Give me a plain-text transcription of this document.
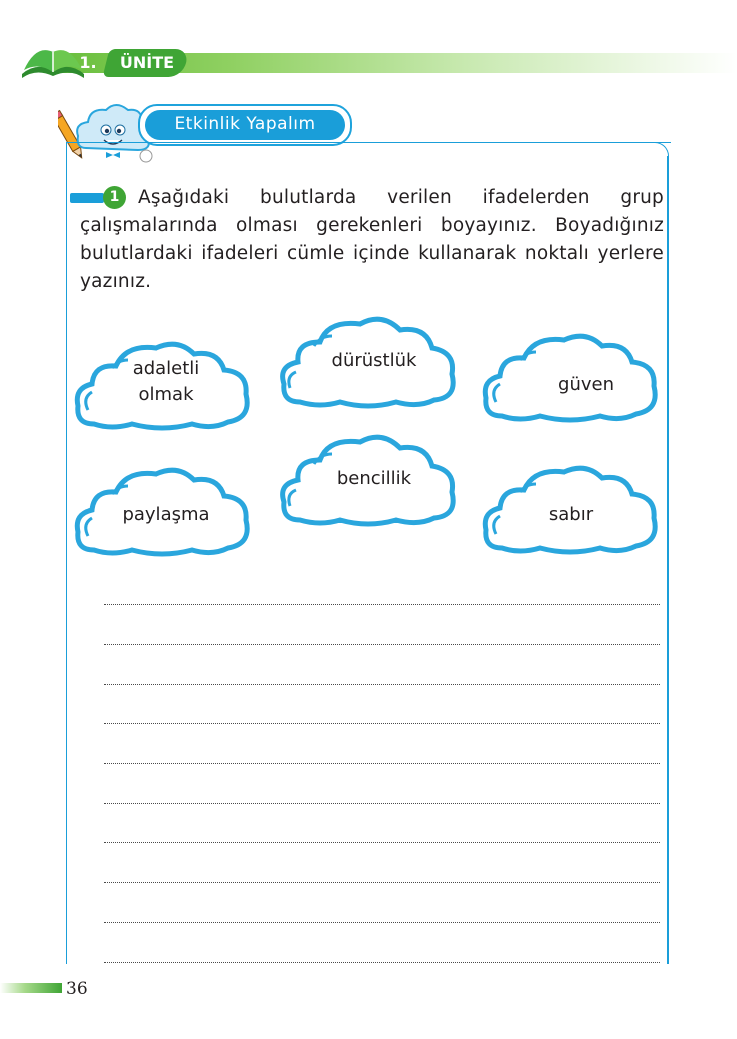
1.	ÜNİTE
Etkinlik Yapalım
1	Aşağıdaki bulutlarda verilen ifadelerden grup çalışmalarında olması gerekenleri boyayınız. Boyadığınız bulutlardaki ifadeleri cümle içinde kullanarak noktalı yerlere yazınız.
adaletli
olmak
dürüstlük
güven
paylaşma
bencillik
sabır
36
